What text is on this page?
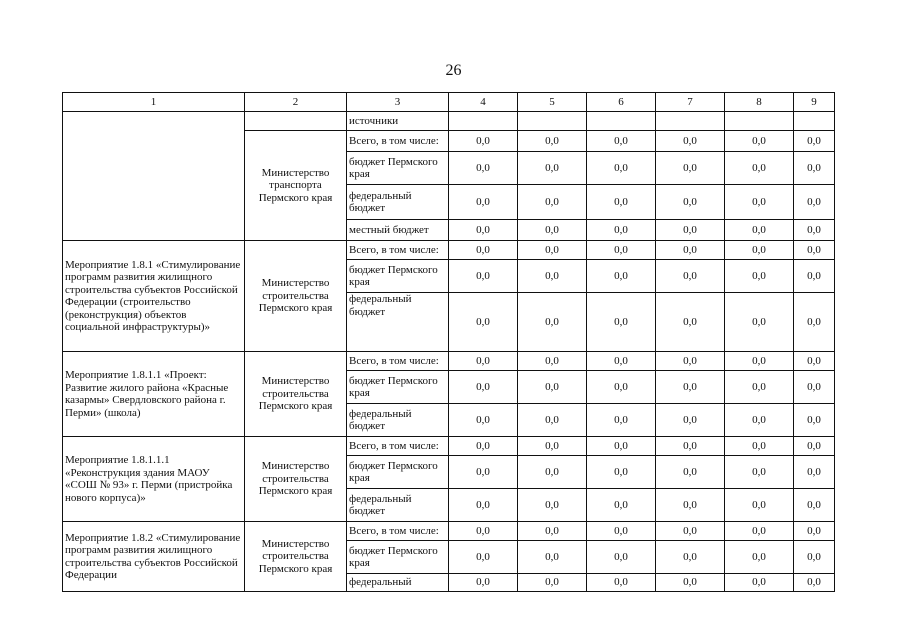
26
1	2	3	4	5	6	7	8	9
		источники						
	Министерство транспорта Пермского края	Всего, в том числе:	0,0	0,0	0,0	0,0	0,0	0,0
		бюджет Пермского края	0,0	0,0	0,0	0,0	0,0	0,0
		федеральный бюджет	0,0	0,0	0,0	0,0	0,0	0,0
		местный бюджет	0,0	0,0	0,0	0,0	0,0	0,0
Мероприятие 1.8.1 «Стимулирование программ развития жилищного строительства субъектов Российской Федерации (строительство (реконструкция) объектов социальной инфраструктуры)»	Министерство строительства Пермского края	Всего, в том числе:	0,0	0,0	0,0	0,0	0,0	0,0
		бюджет Пермского края	0,0	0,0	0,0	0,0	0,0	0,0
		федеральный бюджет	0,0	0,0	0,0	0,0	0,0	0,0
Мероприятие 1.8.1.1 «Проект: Развитие жилого района «Красные казармы» Свердловского района г. Перми» (школа)	Министерство строительства Пермского края	Всего, в том числе:	0,0	0,0	0,0	0,0	0,0	0,0
		бюджет Пермского края	0,0	0,0	0,0	0,0	0,0	0,0
		федеральный бюджет	0,0	0,0	0,0	0,0	0,0	0,0
Мероприятие 1.8.1.1.1 «Реконструкция здания МАОУ «СОШ № 93» г. Перми (пристройка нового корпуса)»	Министерство строительства Пермского края	Всего, в том числе:	0,0	0,0	0,0	0,0	0,0	0,0
		бюджет Пермского края	0,0	0,0	0,0	0,0	0,0	0,0
		федеральный бюджет	0,0	0,0	0,0	0,0	0,0	0,0
Мероприятие 1.8.2 «Стимулирование программ развития жилищного строительства субъектов Российской Федерации	Министерство строительства Пермского края	Всего, в том числе:	0,0	0,0	0,0	0,0	0,0	0,0
		бюджет Пермского края	0,0	0,0	0,0	0,0	0,0	0,0
		федеральный	0,0	0,0	0,0	0,0	0,0	0,0
